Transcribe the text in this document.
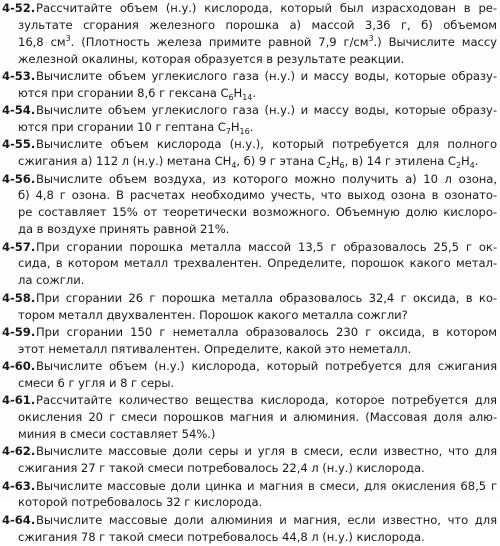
4-52. Рассчитайте объем (н.у.) кислорода, который был израсходован в ре-
зультате сгорания железного порошка а) массой 3,36 г, б) объемом
16,8 $см^3$. (Плотность железа примите равной 7,9 $г/см^3$.) Вычислите массу
железной окалины, которая образуется в результате реакции.
4-53. Вычислите объем углекислого газа (н.у.) и массу воды, которые образу-
ются при сгорании 8,6 г гексана $C_6H_{14}$.
4-54. Вычислите объем углекислого газа (н.у.) и массу воды, которые образу-
ются при сгорании 10 г гептана $C_7H_{16}$.
4-55. Вычислите объем кислорода (н.у.), который потребуется для полного
сжигания а) 112 л (н.у.) метана $CH_4$, б) 9 г этана $C_2H_6$, в) 14 г этилена $C_2H_4$.
4-56. Вычислите объем воздуха, из которого можно получить а) 10 л озона,
б) 4,8 г озона. В расчетах необходимо учесть, что выход озона в озонато-
ре составляет 15% от теоретически возможного. Объемную долю кислоро-
да в воздухе принять равной 21%.
4-57. При сгорании порошка металла массой 13,5 г образовалось 25,5 г ок-
сида, в котором металл трехвалентен. Определите, порошок какого метал-
ла сожгли.
4-58. При сгорании 26 г порошка металла образовалось 32,4 г оксида, в ко-
тором металл двухвалентен. Порошок какого металла сожгли?
4-59. При сгорании 150 г неметалла образовалось 230 г оксида, в котором
этот неметалл пятивалентен. Определите, какой это неметалл.
4-60. Вычислите объем (н.у.) кислорода, который потребуется для сжигания
смеси 6 г угля и 8 г серы.
4-61. Рассчитайте количество вещества кислорода, которое потребуется для
окисления 20 г смеси порошков магния и алюминия. (Массовая доля алю-
миния в смеси составляет 54%.)
4-62. Вычислите массовые доли серы и угля в смеси, если известно, что для
сжигания 27 г такой смеси потребовалось 22,4 л (н.у.) кислорода.
4-63. Вычислите массовые доли цинка и магния в смеси, для окисления 68,5 г
которой потребовалось 32 г кислорода.
4-64. Вычислите массовые доли алюминия и магния, если известно, что для
сжигания 78 г такой смеси потребовалось 44,8 л (н.у.) кислорода.
